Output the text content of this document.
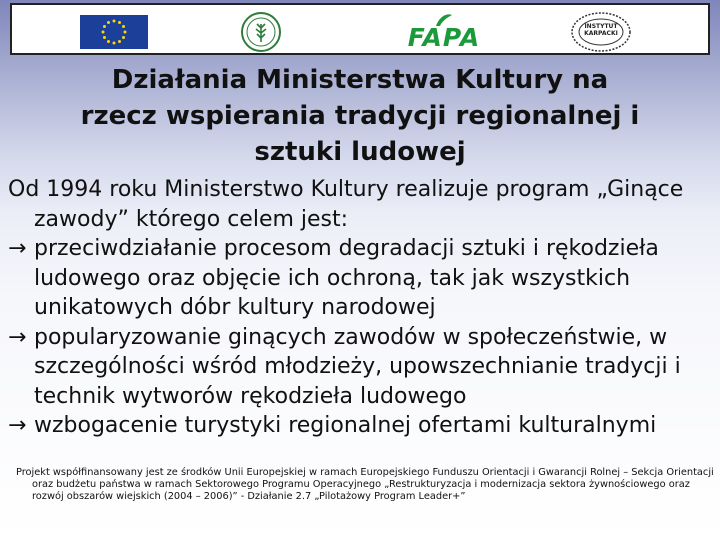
FAPA	INSTYTUT KARPACKI
Działania Ministerstwa Kultury na
rzecz wspierania tradycji regionalnej i
sztuki ludowej

Od 1994 roku Ministerstwo Kultury realizuje program „Ginące zawody” którego celem jest:

→ przeciwdziałanie procesom degradacji sztuki i rękodzieła ludowego oraz objęcie ich ochroną, tak jak wszystkich unikatowych dóbr kultury narodowej

→ popularyzowanie ginących zawodów w społeczeństwie, w szczególności wśród młodzieży, upowszechnianie tradycji i technik wytworów rękodzieła ludowego

→ wzbogacenie turystyki regionalnej ofertami kulturalnymi

Projekt współfinansowany jest ze środków Unii Europejskiej w ramach Europejskiego Funduszu Orientacji i Gwarancji Rolnej – Sekcja Orientacji oraz budżetu państwa w ramach Sektorowego Programu Operacyjnego „Restrukturyzacja i modernizacja sektora żywnościowego oraz rozwój obszarów wiejskich (2004 – 2006)” - Działanie 2.7 „Pilotażowy Program Leader+”
